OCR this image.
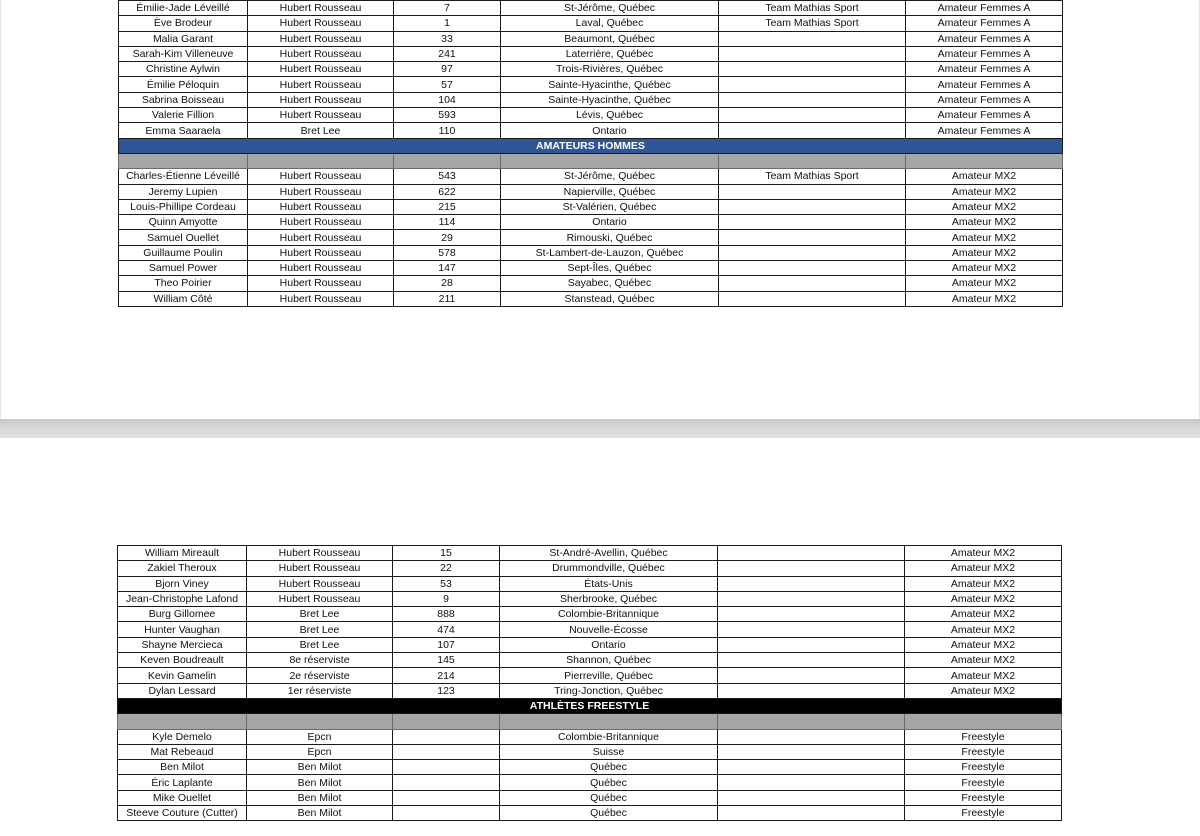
Émilie-Jade Léveillé	Hubert Rousseau	7	St-Jérôme, Québec	Team Mathias Sport	Amateur Femmes A
Ève Brodeur	Hubert Rousseau	1	Laval, Québec	Team Mathias Sport	Amateur Femmes A
Malia Garant	Hubert Rousseau	33	Beaumont, Québec		Amateur Femmes A
Sarah-Kim Villeneuve	Hubert Rousseau	241	Laterrière, Québec		Amateur Femmes A
Christine Aylwin	Hubert Rousseau	97	Trois-Rivières, Québec		Amateur Femmes A
Émilie Péloquin	Hubert Rousseau	57	Sainte-Hyacinthe, Québec		Amateur Femmes A
Sabrina Boisseau	Hubert Rousseau	104	Sainte-Hyacinthe, Québec		Amateur Femmes A
Valerie Fillion	Hubert Rousseau	593	Lévis, Québec		Amateur Femmes A
Emma Saaraela	Bret Lee	110	Ontario		Amateur Femmes A
AMATEURS HOMMES					

Charles-Étienne Léveillé	Hubert Rousseau	543	St-Jérôme, Québec	Team Mathias Sport	Amateur MX2
Jeremy Lupien	Hubert Rousseau	622	Napierville, Québec		Amateur MX2
Louis-Phillipe Cordeau	Hubert Rousseau	215	St-Valérien, Québec		Amateur MX2
Quinn Amyotte	Hubert Rousseau	114	Ontario		Amateur MX2
Samuel Ouellet	Hubert Rousseau	29	Rimouski, Québec		Amateur MX2
Guillaume Poulin	Hubert Rousseau	578	St-Lambert-de-Lauzon, Québec		Amateur MX2
Samuel Power	Hubert Rousseau	147	Sept-Îles, Québec		Amateur MX2
Theo Poirier	Hubert Rousseau	28	Sayabec, Québec		Amateur MX2
William Côté	Hubert Rousseau	211	Stanstead, Québec		Amateur MX2
William Mireault	Hubert Rousseau	15	St-André-Avellin, Québec		Amateur MX2
Zakiel Theroux	Hubert Rousseau	22	Drummondville, Québec		Amateur MX2
Bjorn Viney	Hubert Rousseau	53	États-Unis		Amateur MX2
Jean-Christophe Lafond	Hubert Rousseau	9	Sherbrooke, Québec		Amateur MX2
Burg Gillomee	Bret Lee	888	Colombie-Britannique		Amateur MX2
Hunter Vaughan	Bret Lee	474	Nouvelle-Écosse		Amateur MX2
Shayne Mercieca	Bret Lee	107	Ontario		Amateur MX2
Keven Boudreault	8e réserviste	145	Shannon, Québec		Amateur MX2
Kevin Gamelin	2e réserviste	214	Pierreville, Québec		Amateur MX2
Dylan Lessard	1er réserviste	123	Tring-Jonction, Québec		Amateur MX2
ATHLÈTES FREESTYLE					

Kyle Demelo	Epcn		Colombie-Britannique		Freestyle
Mat Rebeaud	Epcn		Suisse		Freestyle
Ben Milot	Ben Milot		Québec		Freestyle
Éric Laplante	Ben Milot		Québec		Freestyle
Mike Ouellet	Ben Milot		Québec		Freestyle
Steeve Couture (Cutter)	Ben Milot		Québec		Freestyle
